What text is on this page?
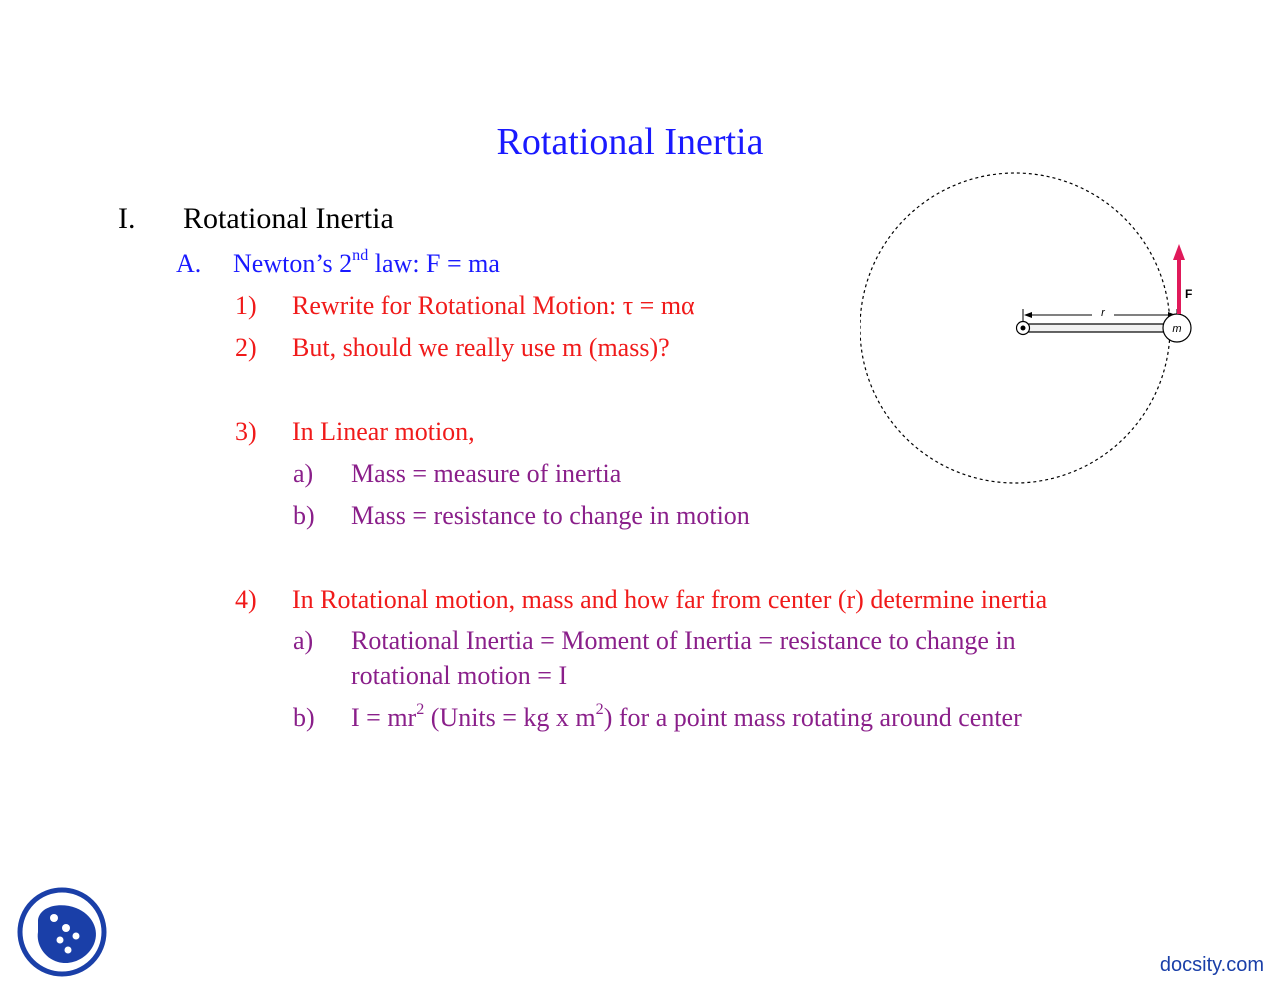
Rotational Inertia
I. Rotational Inertia
A. Newton’s 2nd law: F = ma
1) Rewrite for Rotational Motion: τ = mα
2) But, should we really use m (mass)?
3) In Linear motion,
a) Mass = measure of inertia
b) Mass = resistance to change in motion
4) In Rotational motion, mass and how far from center (r) determine inertia
a) Rotational Inertia = Moment of Inertia = resistance to change in
rotational motion = I
b) $I = mr^2$ (Units = kg x $m^2$) for a point mass rotating around center
r
m
F
docsity.com
